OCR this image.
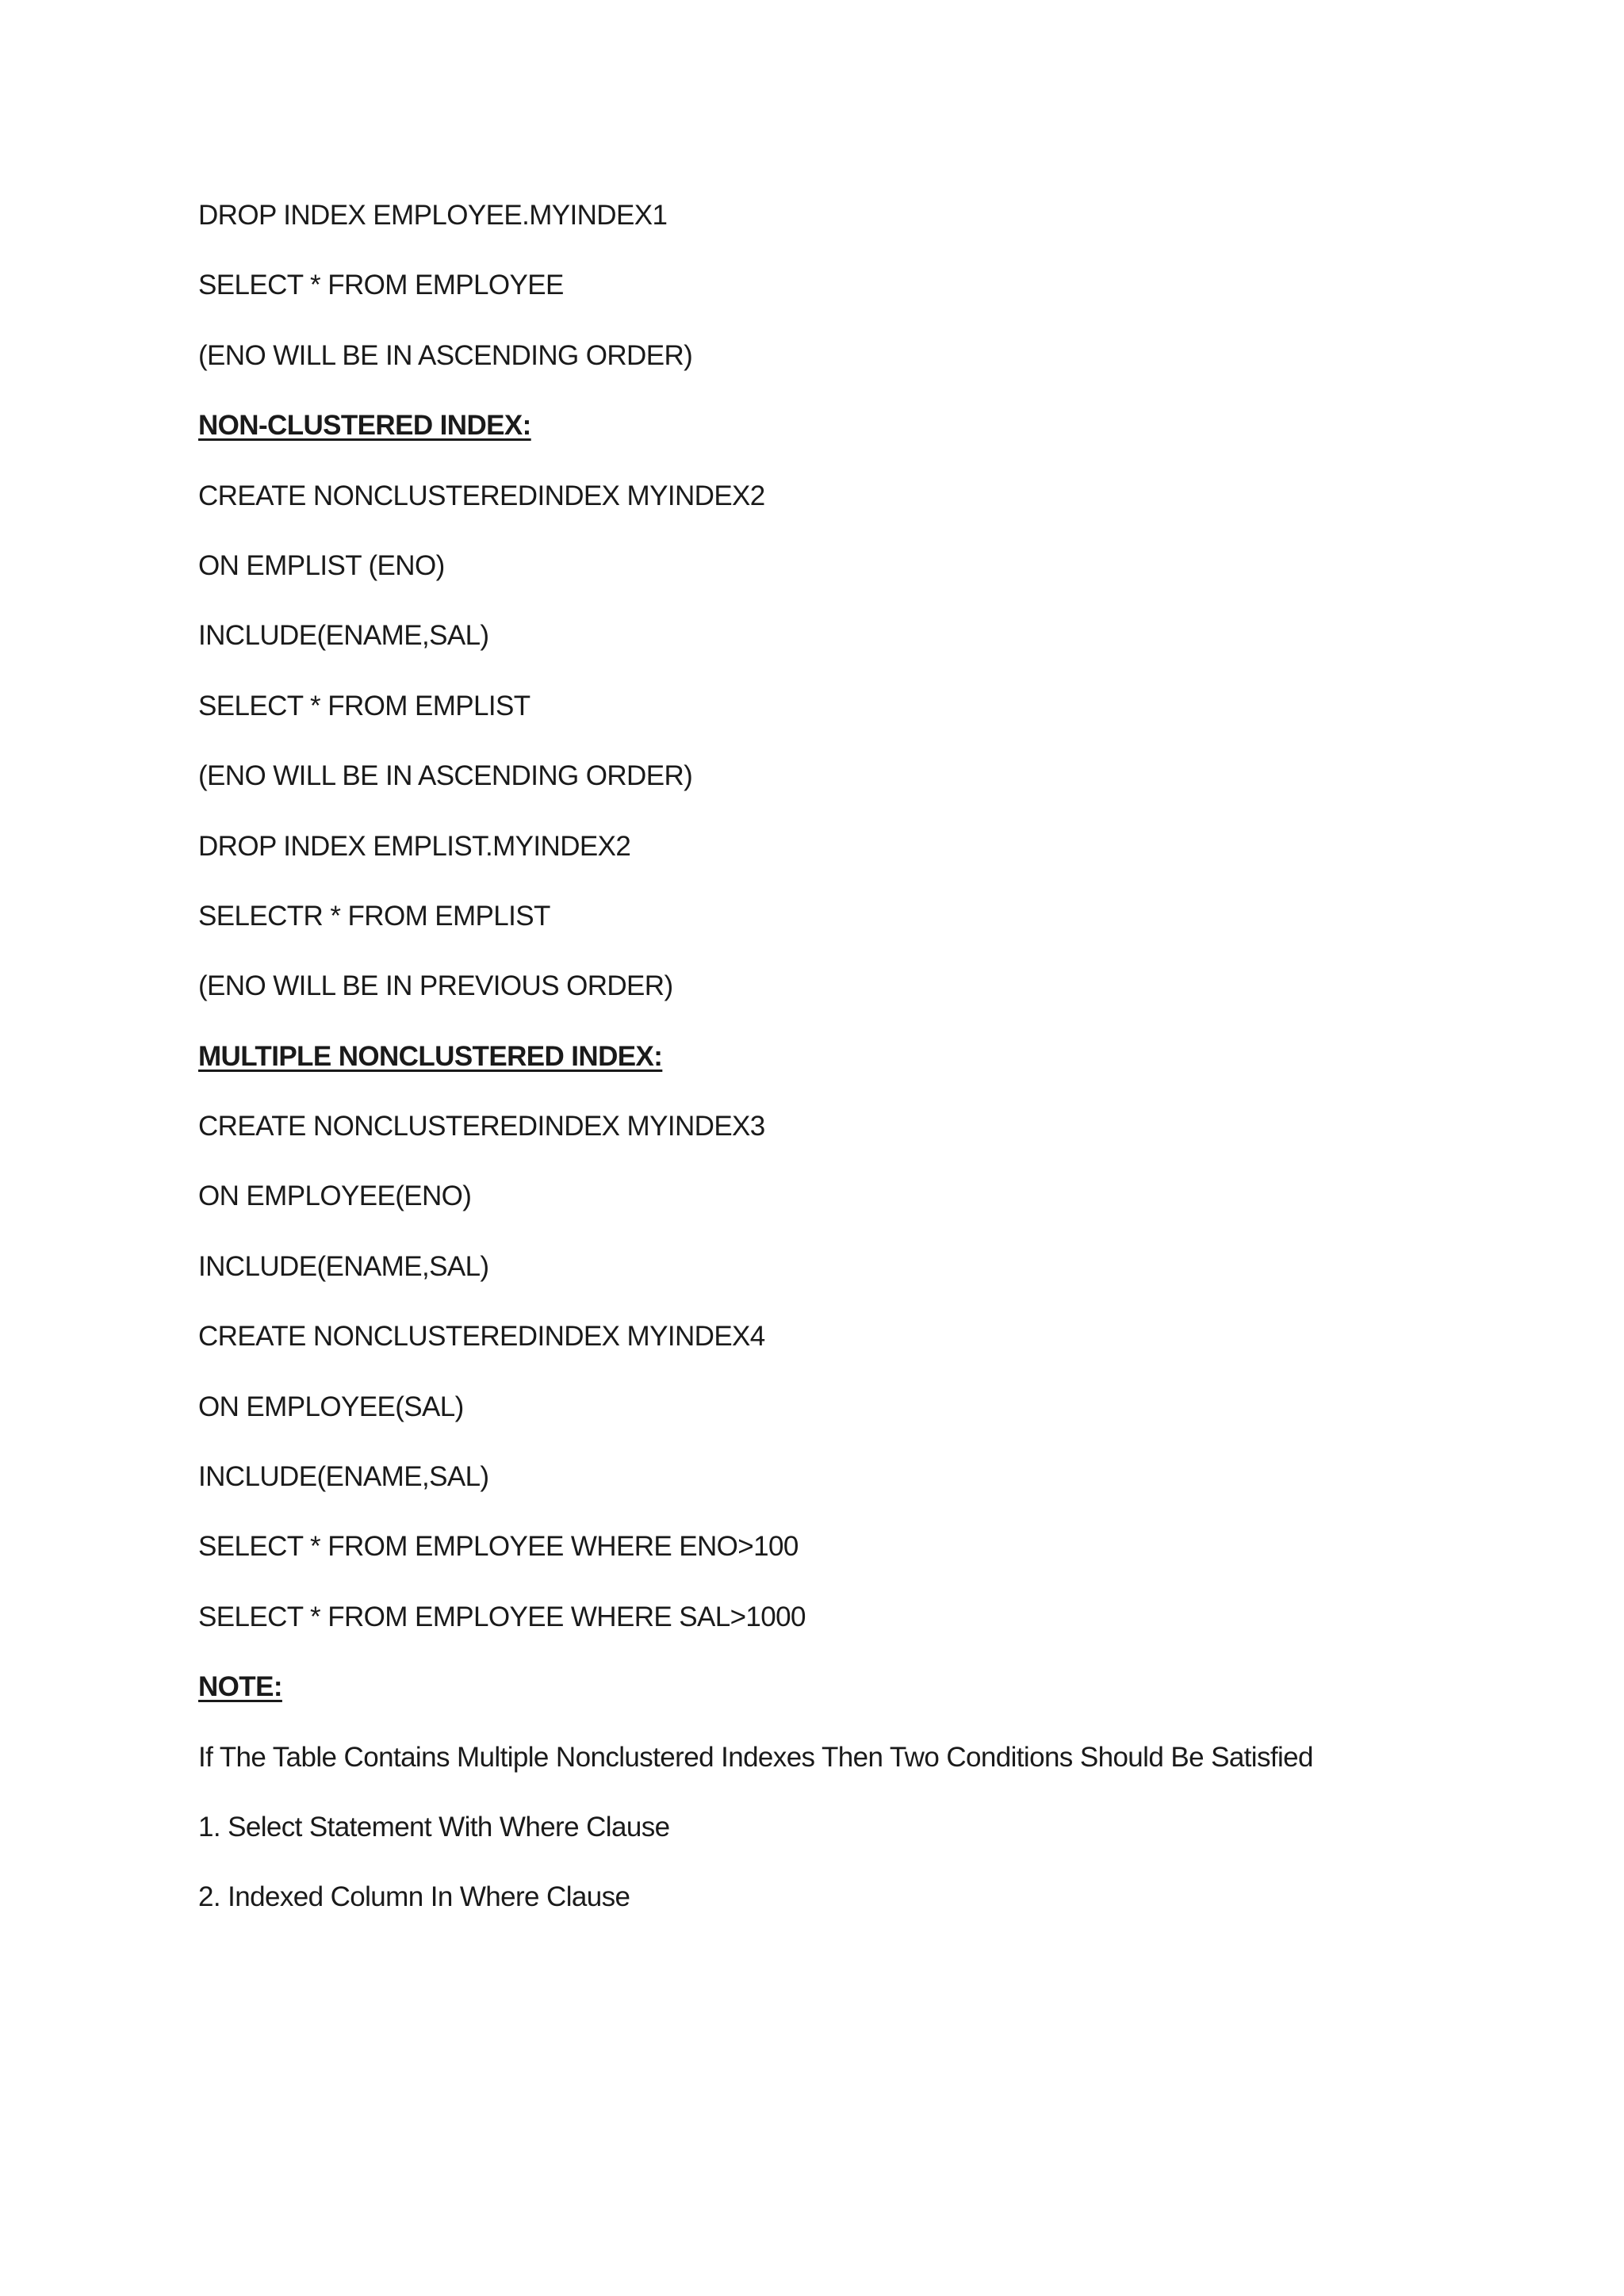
DROP INDEX EMPLOYEE.MYINDEX1
SELECT * FROM EMPLOYEE
(ENO WILL BE IN ASCENDING ORDER)
NON-CLUSTERED INDEX:
CREATE NONCLUSTEREDINDEX MYINDEX2
ON EMPLIST (ENO)
INCLUDE(ENAME,SAL)
SELECT * FROM EMPLIST
(ENO WILL BE IN ASCENDING ORDER)
DROP INDEX EMPLIST.MYINDEX2
SELECTR * FROM EMPLIST
(ENO WILL BE IN PREVIOUS ORDER)
MULTIPLE NONCLUSTERED INDEX:
CREATE NONCLUSTEREDINDEX MYINDEX3
ON EMPLOYEE(ENO)
INCLUDE(ENAME,SAL)
CREATE NONCLUSTEREDINDEX MYINDEX4
ON EMPLOYEE(SAL)
INCLUDE(ENAME,SAL)
SELECT * FROM EMPLOYEE WHERE ENO>100
SELECT * FROM EMPLOYEE WHERE SAL>1000
NOTE:
If The Table Contains Multiple Nonclustered Indexes Then Two Conditions Should Be Satisfied
1. Select Statement With Where Clause
2. Indexed Column In Where Clause
